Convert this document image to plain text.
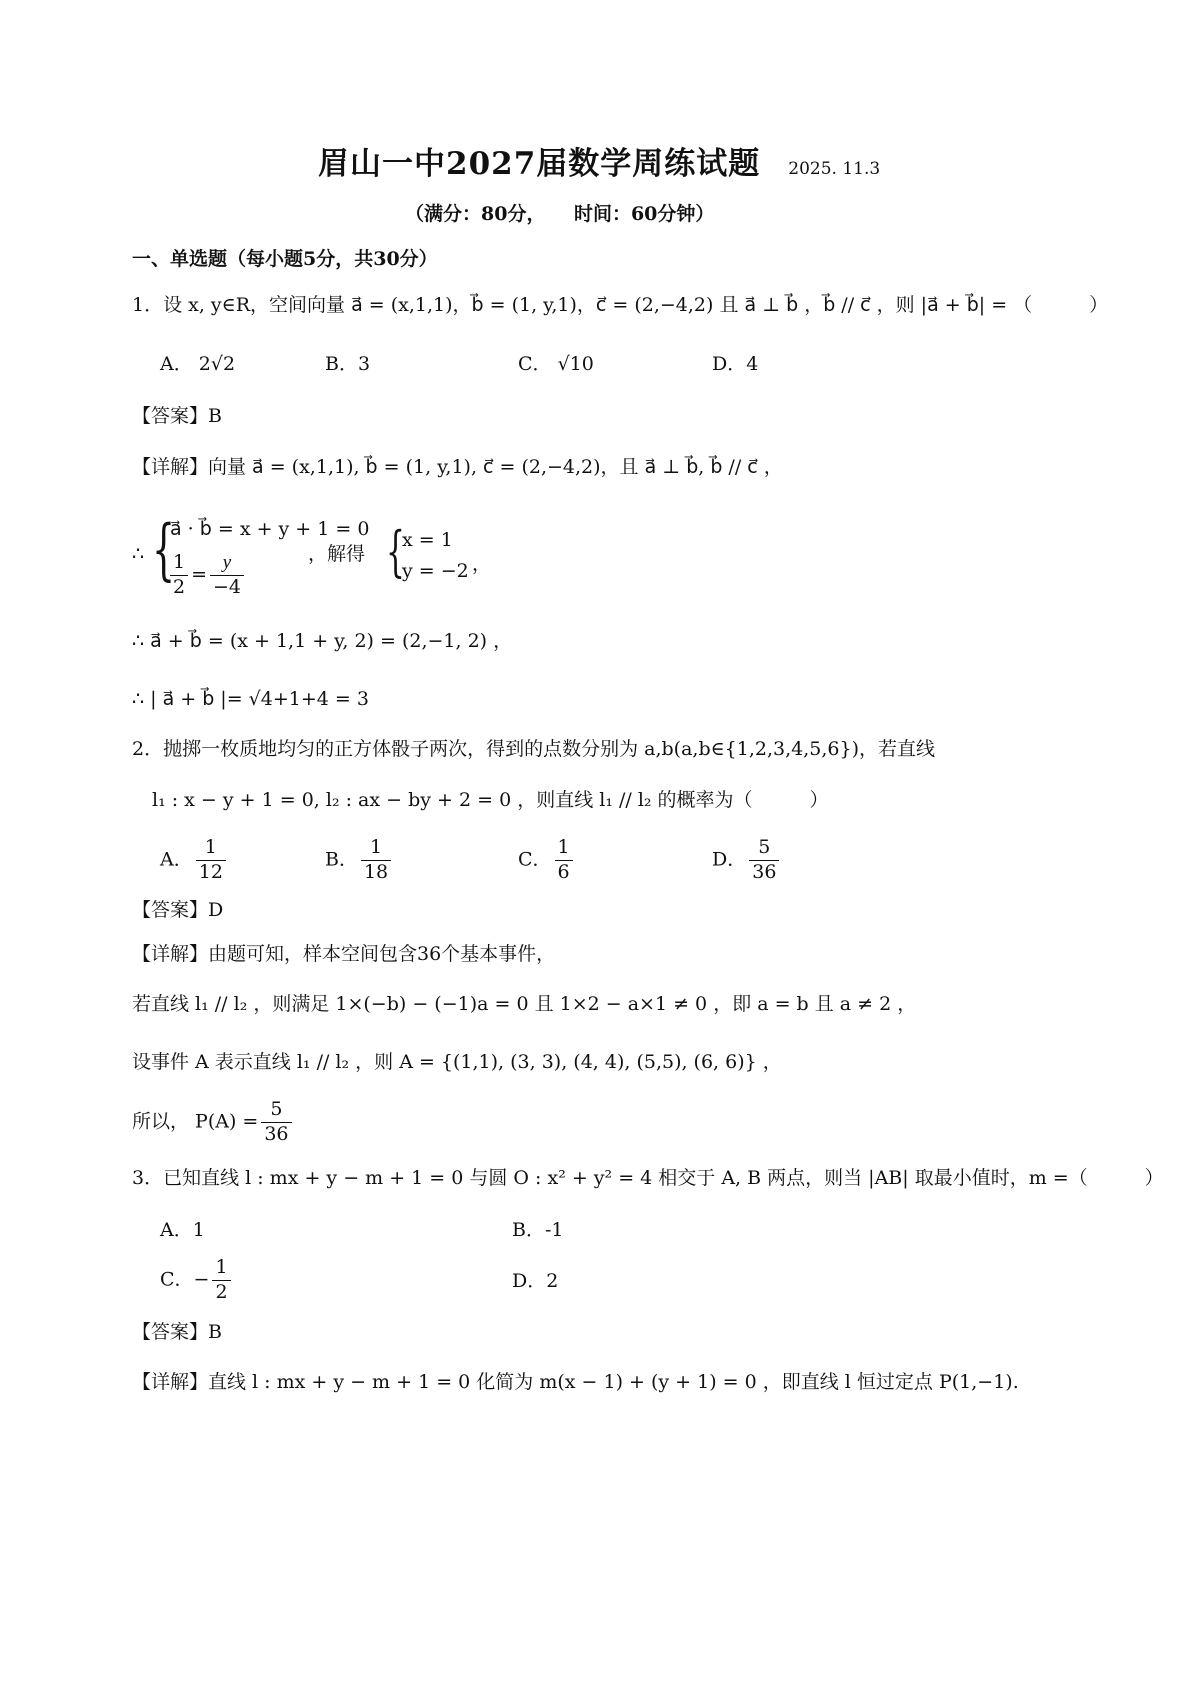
眉山一中2027届数学周练试题 2025. 11.3
（满分：80分，　　时间：60分钟）
一、单选题（每小题5分，共30分）
1．设 x, y∈R，空间向量 a⃗ = (x,1,1)，b⃗ = (1, y,1)，c⃗ = (2,−4,2) 且 a⃗ ⊥ b⃗ ，b⃗ // c⃗ ，则 |a⃗ + b⃗| = （　　　）
A． 2√2	B．3	C． √10	D．4
【答案】B
【详解】向量 a⃗ = (x,1,1), b⃗ = (1, y,1), c⃗ = (2,−4,2)，且 a⃗ ⊥ b⃗, b⃗ // c⃗ ，
∴ {
a⃗ · b⃗ = x + y + 1 = 0
$\frac{1}{2} = \frac{y}{-4}$	，解得 {
x = 1
y = −2 ，
∴ a⃗ + b⃗ = (x + 1,1 + y, 2) = (2,−1, 2) ，
∴ | a⃗ + b⃗ |= √4+1+4 = 3
2．抛掷一枚质地均匀的正方体骰子两次，得到的点数分别为 a,b(a,b∈{1,2,3,4,5,6})，若直线
l₁ : x − y + 1 = 0, l₂ : ax − by + 2 = 0 ，则直线 l₁ // l₂ 的概率为（　　　）
A． $\frac{1}{12}$	B． $\frac{1}{18}$	C． $\frac{1}{6}$	D． $\frac{5}{36}$
【答案】D
【详解】由题可知，样本空间包含36个基本事件，
若直线 l₁ // l₂ ，则满足 1×(−b) − (−1)a = 0 且 1×2 − a×1 ≠ 0 ，即 a = b 且 a ≠ 2 ，
设事件 A 表示直线 l₁ // l₂ ，则 A = {(1,1), (3, 3), (4, 4), (5,5), (6, 6)} ，
所以， $P(A) = \frac{5}{36}$
3．已知直线 l : mx + y − m + 1 = 0 与圆 O : x² + y² = 4 相交于 A, B 两点，则当 |AB| 取最小值时，m =（　　　）
A．1	B．-1
C．− $\frac{1}{2}$	D．2
【答案】B
【详解】直线 l : mx + y − m + 1 = 0 化简为 m(x − 1) + (y + 1) = 0 ，即直线 l 恒过定点 P(1,−1).
